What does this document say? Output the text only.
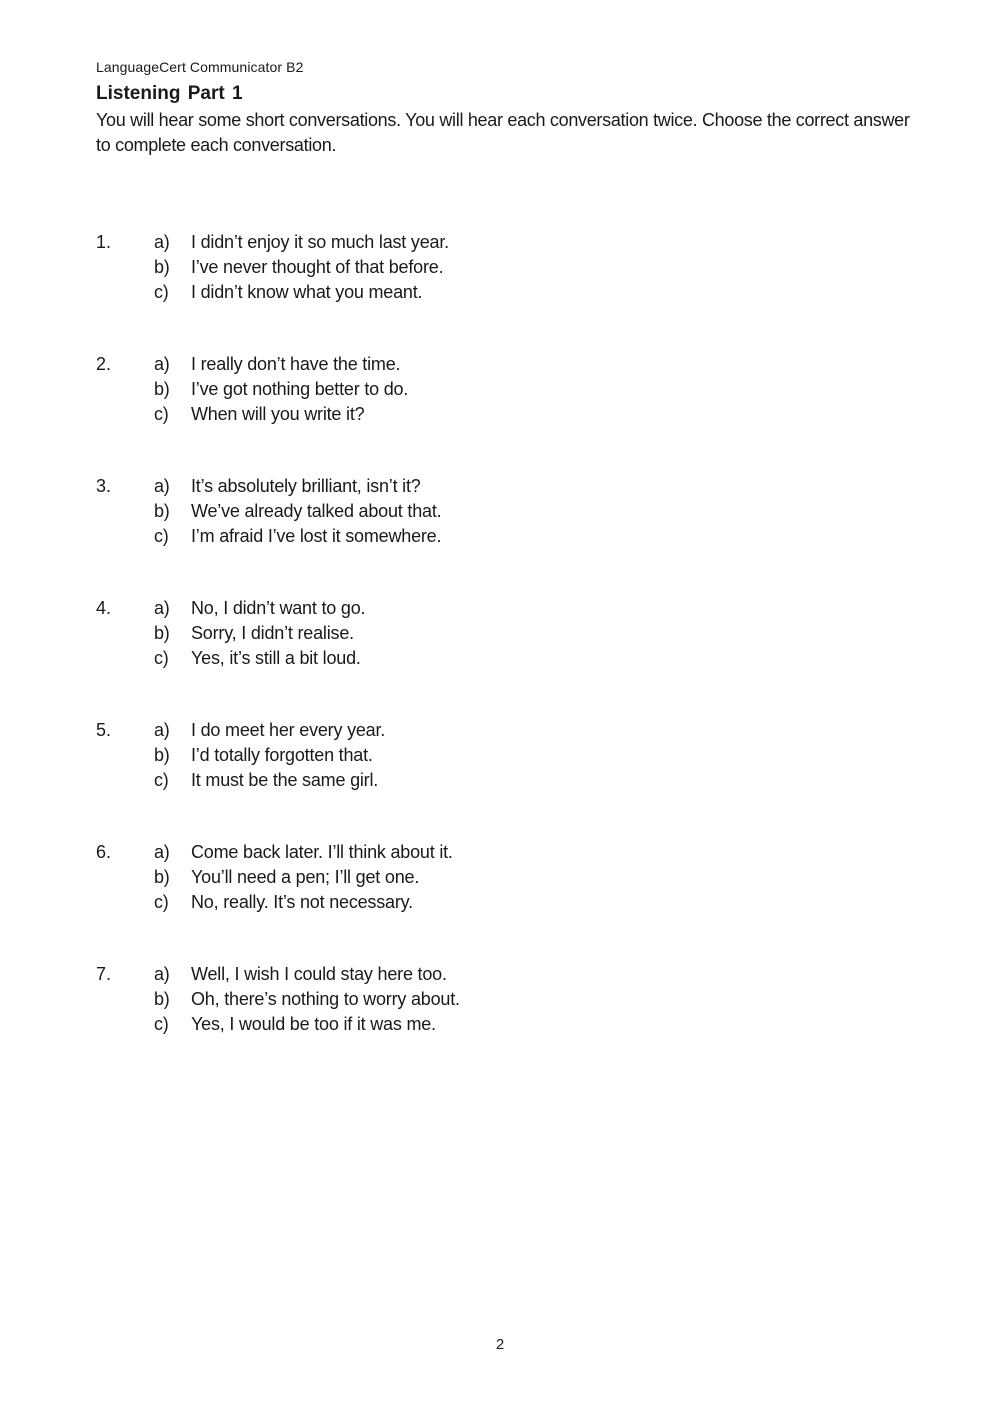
LanguageCert Communicator B2
Listening Part 1
You will hear some short conversations. You will hear each conversation twice. Choose the correct answer to complete each conversation.
1. a) I didn’t enjoy it so much last year.
b) I’ve never thought of that before.
c) I didn’t know what you meant.
2. a) I really don’t have the time.
b) I’ve got nothing better to do.
c) When will you write it?
3. a) It’s absolutely brilliant, isn’t it?
b) We’ve already talked about that.
c) I’m afraid I’ve lost it somewhere.
4. a) No, I didn’t want to go.
b) Sorry, I didn’t realise.
c) Yes, it’s still a bit loud.
5. a) I do meet her every year.
b) I’d totally forgotten that.
c) It must be the same girl.
6. a) Come back later. I’ll think about it.
b) You’ll need a pen; I’ll get one.
c) No, really. It’s not necessary.
7. a) Well, I wish I could stay here too.
b) Oh, there’s nothing to worry about.
c) Yes, I would be too if it was me.
2
